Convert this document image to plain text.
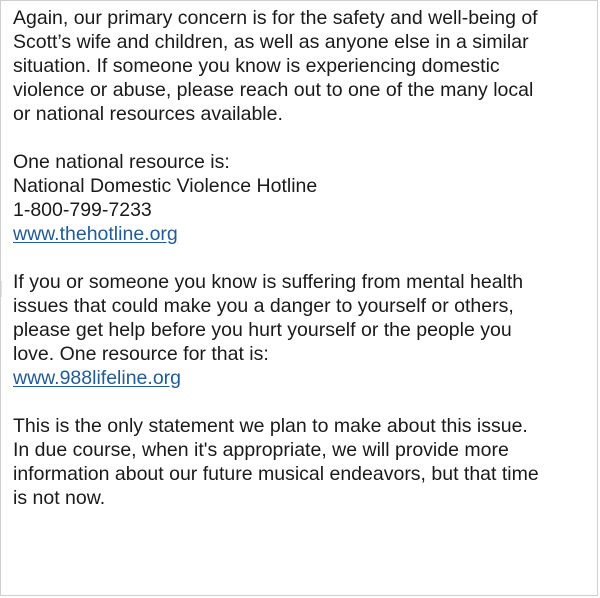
Again, our primary concern is for the safety and well-being of
Scott’s wife and children, as well as anyone else in a similar
situation. If someone you know is experiencing domestic
violence or abuse, please reach out to one of the many local
or national resources available.

One national resource is:
National Domestic Violence Hotline
1-800-799-7233
www.thehotline.org

If you or someone you know is suffering from mental health
issues that could make you a danger to yourself or others,
please get help before you hurt yourself or the people you
love. One resource for that is:
www.988lifeline.org

This is the only statement we plan to make about this issue.
In due course, when it's appropriate, we will provide more
information about our future musical endeavors, but that time
is not now.
